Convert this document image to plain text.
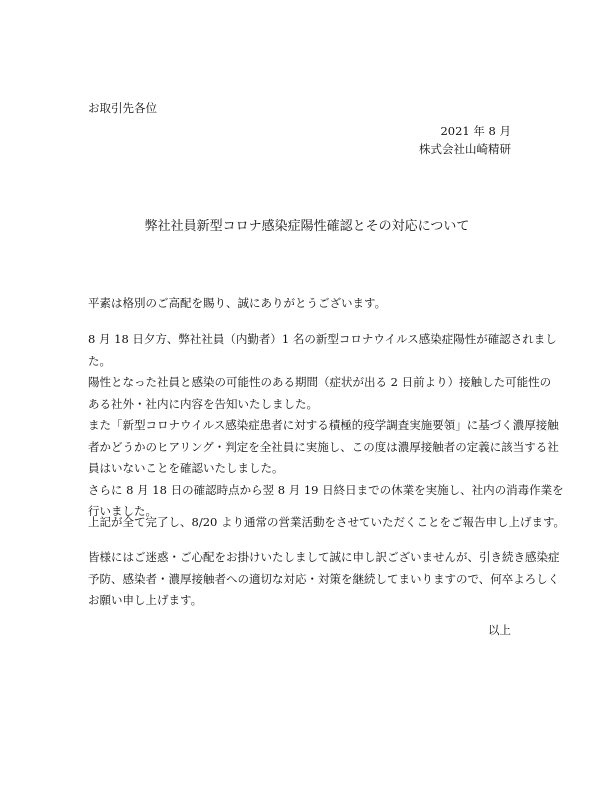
お取引先各位
2021 年 8 月
株式会社山崎精研
弊社社員新型コロナ感染症陽性確認とその対応について
平素は格別のご高配を賜り、誠にありがとうございます。
8 月 18 日夕方、弊社社員（内勤者）1 名の新型コロナウイルス感染症陽性が確認されまし
た。
陽性となった社員と感染の可能性のある期間（症状が出る 2 日前より）接触した可能性の
ある社外・社内に内容を告知いたしました。
また「新型コロナウイルス感染症患者に対する積極的疫学調査実施要領」に基づく濃厚接触
者かどうかのヒアリング・判定を全社員に実施し、この度は濃厚接触者の定義に該当する社
員はいないことを確認いたしました。
さらに 8 月 18 日の確認時点から翌 8 月 19 日終日までの休業を実施し、社内の消毒作業を
行いました。
上記が全て完了し、8/20 より通常の営業活動をさせていただくことをご報告申し上げます。
皆様にはご迷惑・ご心配をお掛けいたしまして誠に申し訳ございませんが、引き続き感染症
予防、感染者・濃厚接触者への適切な対応・対策を継続してまいりますので、何卒よろしく
お願い申し上げます。
以上
